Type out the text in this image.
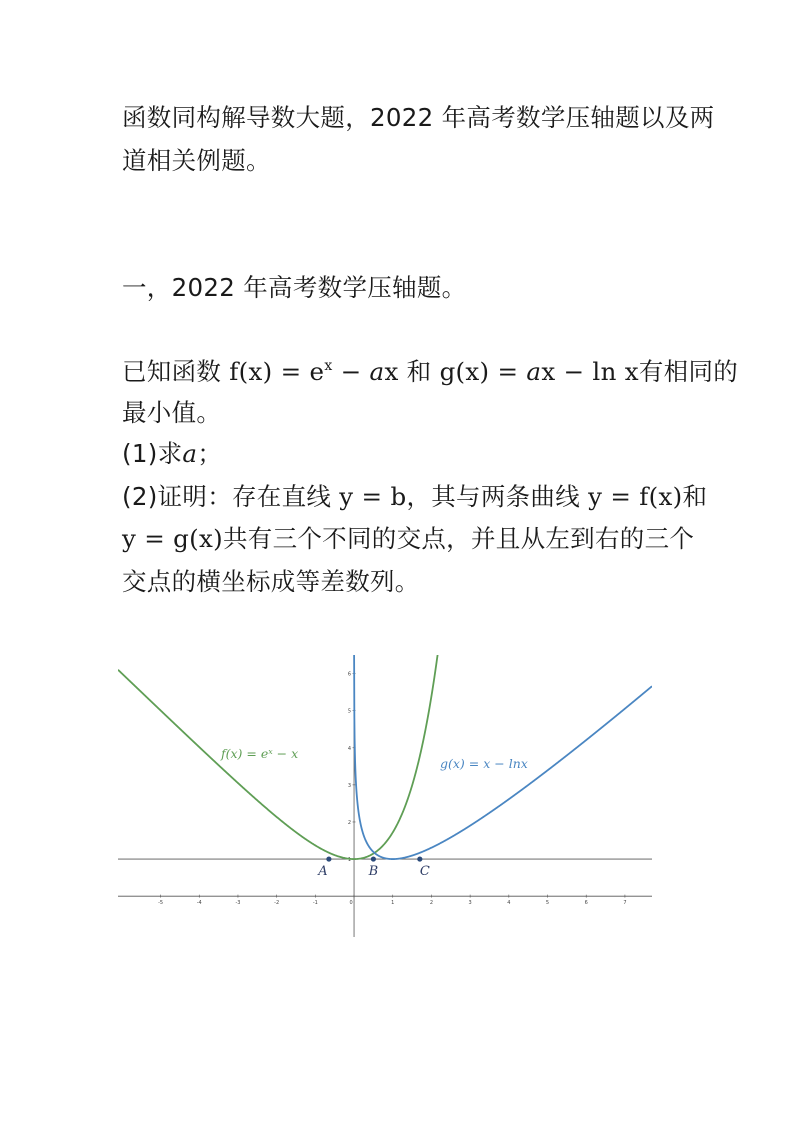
函数同构解导数大题，2022 年高考数学压轴题以及两
道相关例题。
一，2022 年高考数学压轴题。
已知函数 $f(x) = e^x$ − ax 和 g(x) = ax − ln x有相同的
最小值。
(1)求a；
(2)证明：存在直线 y = b，其与两条曲线 y = f(x)和
y = g(x)共有三个不同的交点，并且从左到右的三个
交点的横坐标成等差数列。
-5	-4	-3	-2	-1	0	1	2	3	4	5	6	7
1
2
3
4
5
6
A	B	C
f(x) = eˣ − x
g(x) = x − lnx
